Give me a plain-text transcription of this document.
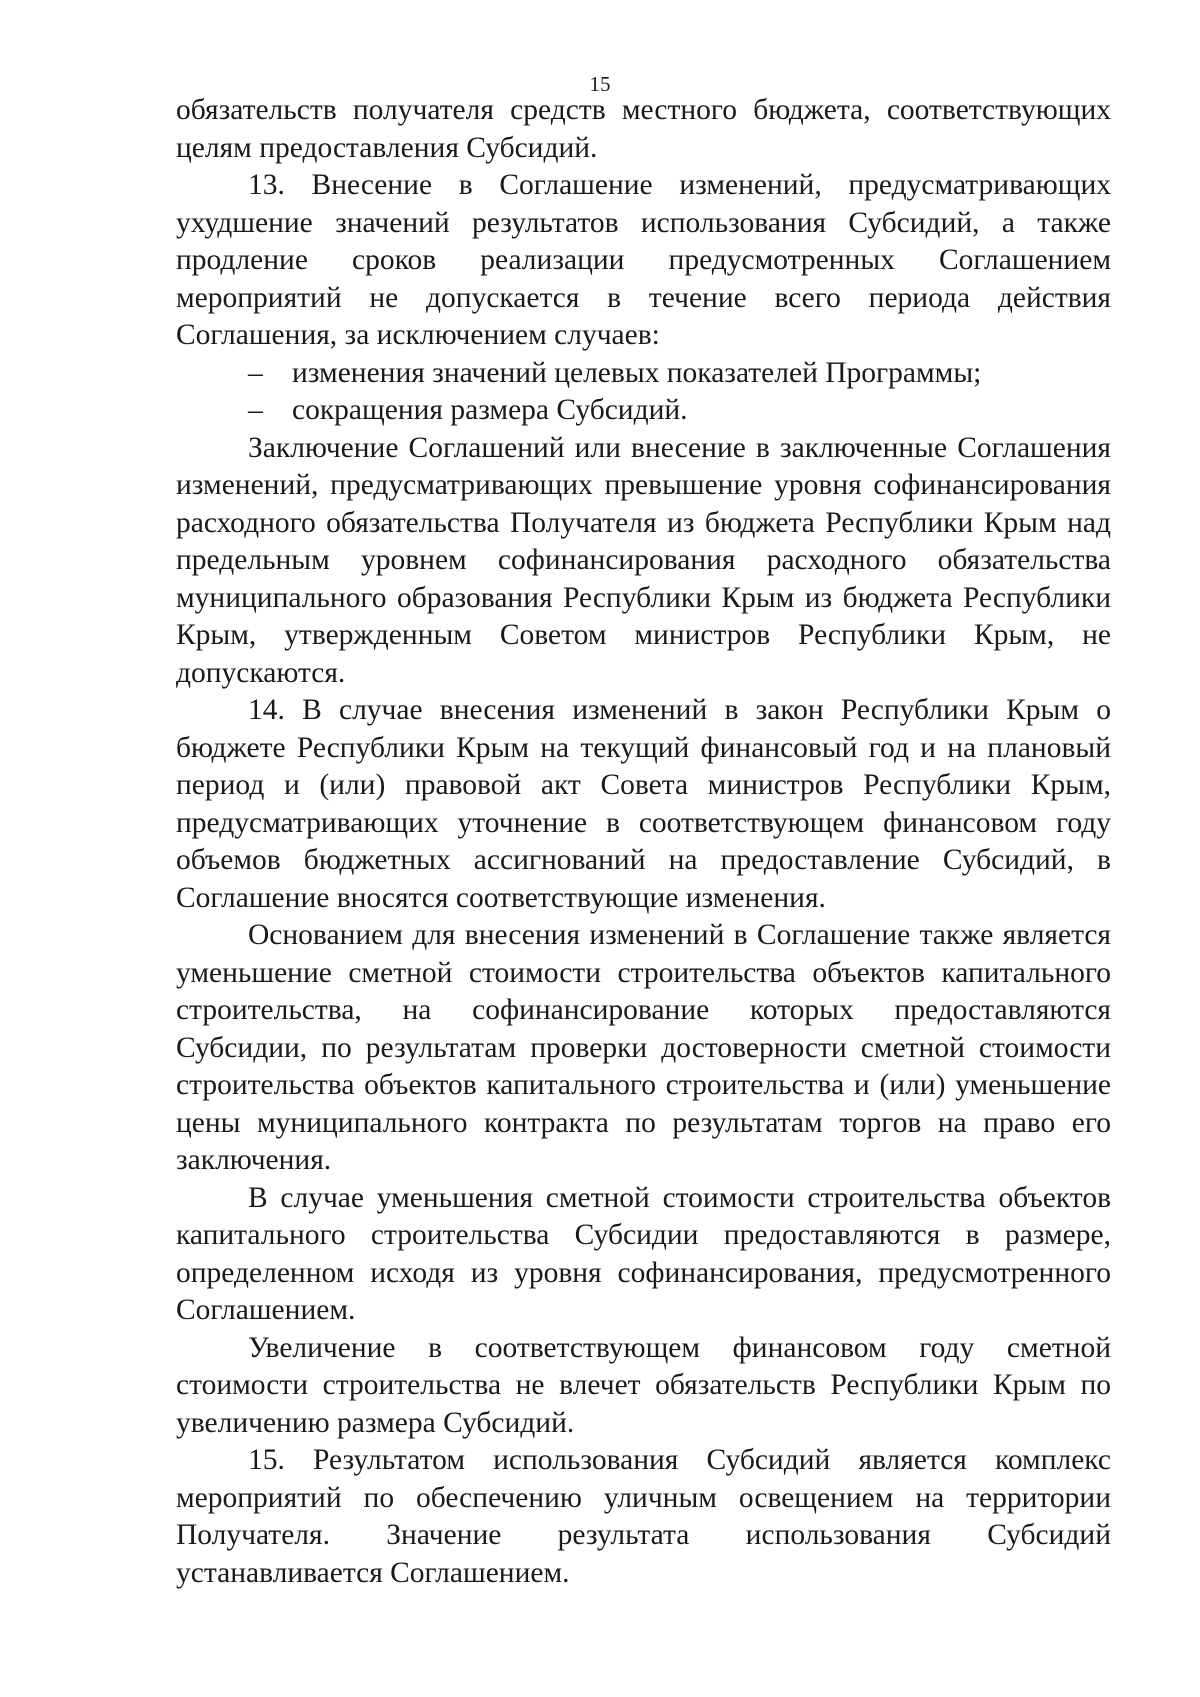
15

обязательств получателя средств местного бюджета, соответствующих целям предоставления Субсидий.

13. Внесение в Соглашение изменений, предусматривающих ухудшение значений результатов использования Субсидий, а также продление сроков реализации предусмотренных Соглашением мероприятий не допускается в течение всего периода действия Соглашения, за исключением случаев:

– изменения значений целевых показателей Программы;

– сокращения размера Субсидий.

Заключение Соглашений или внесение в заключенные Соглашения изменений, предусматривающих превышение уровня софинансирования расходного обязательства Получателя из бюджета Республики Крым над предельным уровнем софинансирования расходного обязательства муниципального образования Республики Крым из бюджета Республики Крым, утвержденным Советом министров Республики Крым, не допускаются.

14. В случае внесения изменений в закон Республики Крым о бюджете Республики Крым на текущий финансовый год и на плановый период и (или) правовой акт Совета министров Республики Крым, предусматривающих уточнение в соответствующем финансовом году объемов бюджетных ассигнований на предоставление Субсидий, в Соглашение вносятся соответствующие изменения.

Основанием для внесения изменений в Соглашение также является уменьшение сметной стоимости строительства объектов капитального строительства, на софинансирование которых предоставляются Субсидии, по результатам проверки достоверности сметной стоимости строительства объектов капитального строительства и (или) уменьшение цены муниципального контракта по результатам торгов на право его заключения.

В случае уменьшения сметной стоимости строительства объектов капитального строительства Субсидии предоставляются в размере, определенном исходя из уровня софинансирования, предусмотренного Соглашением.

Увеличение в соответствующем финансовом году сметной стоимости строительства не влечет обязательств Республики Крым по увеличению размера Субсидий.

15. Результатом использования Субсидий является комплекс мероприятий по обеспечению уличным освещением на территории Получателя. Значение результата использования Субсидий устанавливается Соглашением.
